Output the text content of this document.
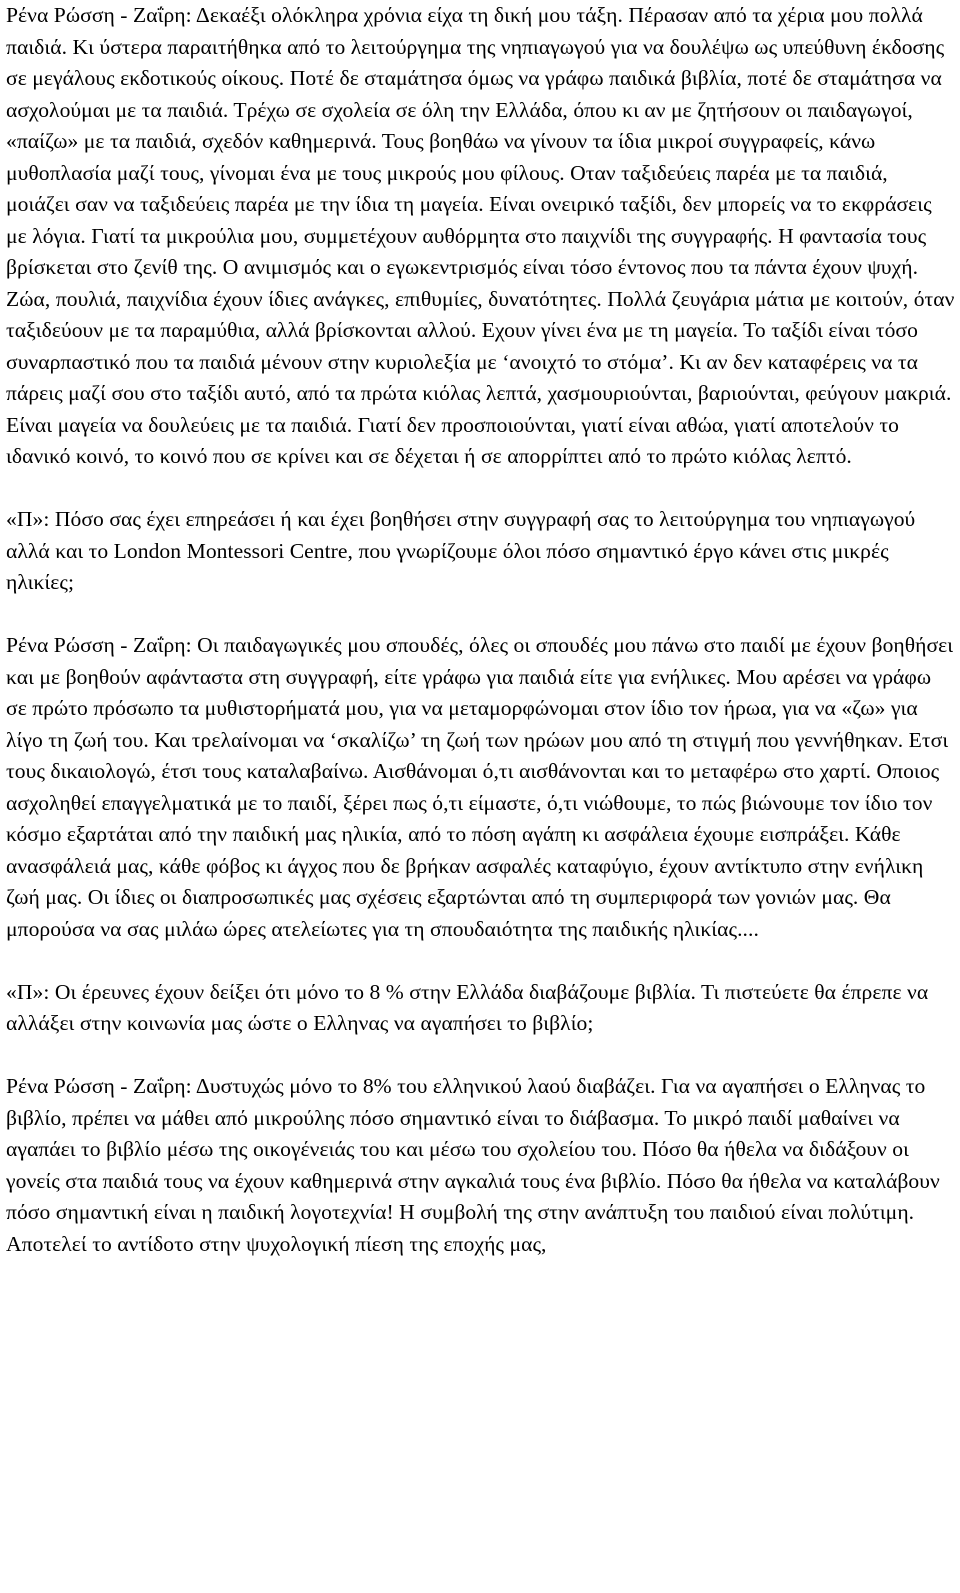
Ρένα Ρώσση - Ζαΐρη: Δεκαέξι ολόκληρα χρόνια είχα τη δική μου τάξη. Πέρασαν από τα χέρια μου πολλά παιδιά. Κι ύστερα παραιτήθηκα από το λειτούργημα της νηπιαγωγού για να δουλέψω ως υπεύθυνη έκδοσης σε μεγάλους εκδοτικούς οίκους. Ποτέ δε σταμάτησα όμως να γράφω παιδικά βιβλία, ποτέ δε σταμάτησα να ασχολούμαι με τα παιδιά. Τρέχω σε σχολεία σε όλη την Ελλάδα, όπου κι αν με ζητήσουν οι παιδαγωγοί, «παίζω» με τα παιδιά, σχεδόν καθημερινά. Τους βοηθάω να γίνουν τα ίδια μικροί συγγραφείς, κάνω μυθοπλασία μαζί τους, γίνομαι ένα με τους μικρούς μου φίλους. Οταν ταξιδεύεις παρέα με τα παιδιά, μοιάζει σαν να ταξιδεύεις παρέα με την ίδια τη μαγεία. Είναι ονειρικό ταξίδι, δεν μπορείς να το εκφράσεις με λόγια. Γιατί τα μικρούλια μου, συμμετέχουν αυθόρμητα στο παιχνίδι της συγγραφής. Η φαντασία τους βρίσκεται στο ζενίθ της. Ο ανιμισμός και ο εγωκεντρισμός είναι τόσο έντονος που τα πάντα έχουν ψυχή. Ζώα, πουλιά, παιχνίδια έχουν ίδιες ανάγκες, επιθυμίες, δυνατότητες. Πολλά ζευγάρια μάτια με κοιτούν, όταν ταξιδεύουν με τα παραμύθια, αλλά βρίσκονται αλλού. Εχουν γίνει ένα με τη μαγεία. Το ταξίδι είναι τόσο συναρπαστικό που τα παιδιά μένουν στην κυριολεξία με ‘ανοιχτό το στόμα’. Κι αν δεν καταφέρεις να τα πάρεις μαζί σου στο ταξίδι αυτό, από τα πρώτα κιόλας λεπτά, χασμουριούνται, βαριούνται, φεύγουν μακριά. Είναι μαγεία να δουλεύεις με τα παιδιά. Γιατί δεν προσποιούνται, γιατί είναι αθώα, γιατί αποτελούν το ιδανικό κοινό, το κοινό που σε κρίνει και σε δέχεται ή σε απορρίπτει από το πρώτο κιόλας λεπτό.

«Π»: Πόσο σας έχει επηρεάσει ή και έχει βοηθήσει στην συγγραφή σας το λειτούργημα του νηπιαγωγού αλλά και το London Montessori Centre, που γνωρίζουμε όλοι πόσο σημαντικό έργο κάνει στις μικρές ηλικίες;

Ρένα Ρώσση - Ζαΐρη: Οι παιδαγωγικές μου σπουδές, όλες οι σπουδές μου πάνω στο παιδί με έχουν βοηθήσει και με βοηθούν αφάνταστα στη συγγραφή, είτε γράφω για παιδιά είτε για ενήλικες. Μου αρέσει να γράφω σε πρώτο πρόσωπο τα μυθιστορήματά μου, για να μεταμορφώνομαι στον ίδιο τον ήρωα, για να «ζω» για λίγο τη ζωή του. Και τρελαίνομαι να ‘σκαλίζω’ τη ζωή των ηρώων μου από τη στιγμή που γεννήθηκαν. Ετσι τους δικαιολογώ, έτσι τους καταλαβαίνω. Αισθάνομαι ό,τι αισθάνονται και το μεταφέρω στο χαρτί. Οποιος ασχοληθεί επαγγελματικά με το παιδί, ξέρει πως ό,τι είμαστε, ό,τι νιώθουμε, το πώς βιώνουμε τον ίδιο τον κόσμο εξαρτάται από την παιδική μας ηλικία, από το πόση αγάπη κι ασφάλεια έχουμε εισπράξει. Κάθε ανασφάλειά μας, κάθε φόβος κι άγχος που δε βρήκαν ασφαλές καταφύγιο, έχουν αντίκτυπο στην ενήλικη ζωή μας. Οι ίδιες οι διαπροσωπικές μας σχέσεις εξαρτώνται από τη συμπεριφορά των γονιών μας. Θα μπορούσα να σας μιλάω ώρες ατελείωτες για τη σπουδαιότητα της παιδικής ηλικίας....

«Π»: Οι έρευνες έχουν δείξει ότι μόνο το 8 % στην Ελλάδα διαβάζουμε βιβλία. Τι πιστεύετε θα έπρεπε να αλλάξει στην κοινωνία μας ώστε ο Ελληνας να αγαπήσει το βιβλίο;

Ρένα Ρώσση - Ζαΐρη: Δυστυχώς μόνο το 8% του ελληνικού λαού διαβάζει. Για να αγαπήσει ο Ελληνας το βιβλίο, πρέπει να μάθει από μικρούλης πόσο σημαντικό είναι το διάβασμα. Το μικρό παιδί μαθαίνει να αγαπάει το βιβλίο μέσω της οικογένειάς του και μέσω του σχολείου του. Πόσο θα ήθελα να διδάξουν οι γονείς στα παιδιά τους να έχουν καθημερινά στην αγκαλιά τους ένα βιβλίο. Πόσο θα ήθελα να καταλάβουν πόσο σημαντική είναι η παιδική λογοτεχνία! Η συμβολή της στην ανάπτυξη του παιδιού είναι πολύτιμη. Αποτελεί το αντίδοτο στην ψυχολογική πίεση της εποχής μας,
